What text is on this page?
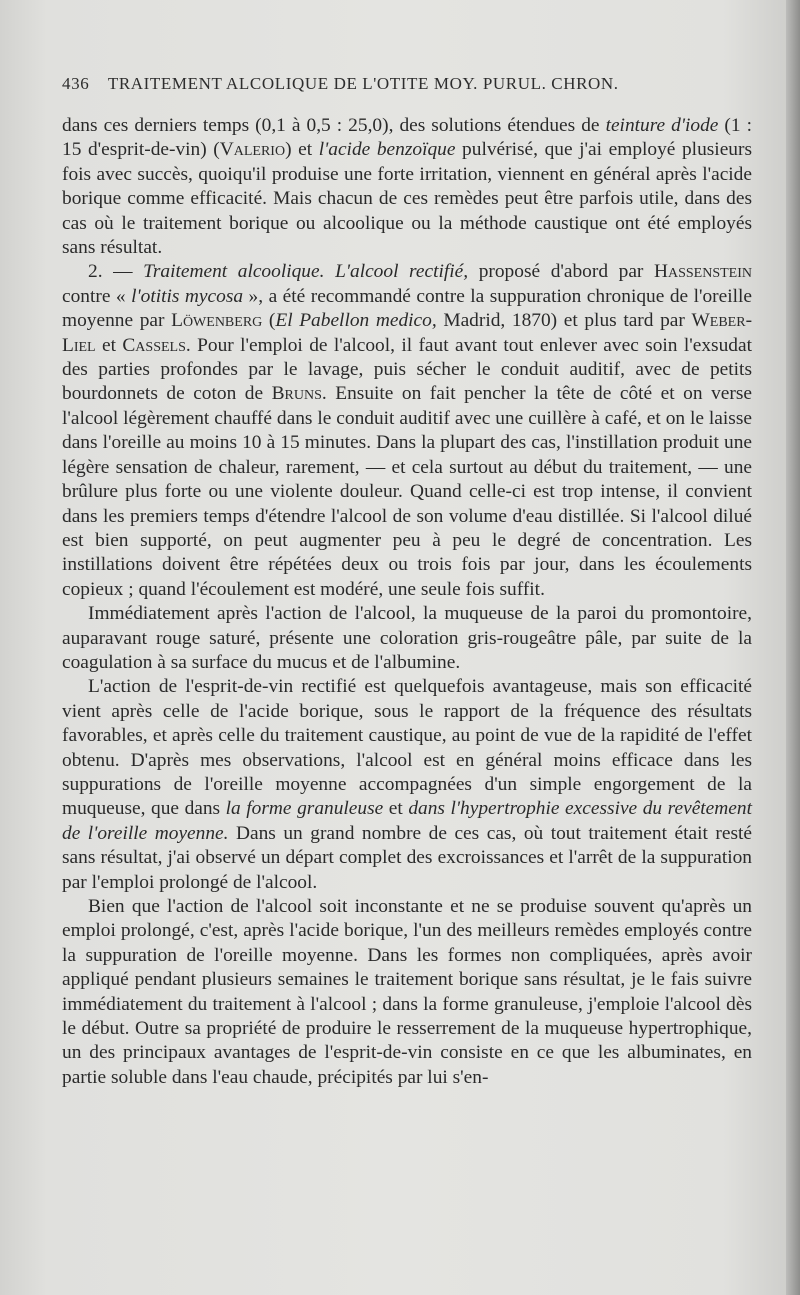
436 TRAITEMENT ALCOLIQUE DE L'OTITE MOY. PURUL. CHRON.

dans ces derniers temps (0,1 à 0,5 : 25,0), des solutions étendues de teinture d'iode (1 : 15 d'esprit-de-vin) (Valerio) et l'acide benzoïque pulvérisé, que j'ai employé plusieurs fois avec succès, quoiqu'il produise une forte irritation, viennent en général après l'acide borique comme efficacité. Mais chacun de ces remèdes peut être parfois utile, dans des cas où le traitement borique ou alcoolique ou la méthode caustique ont été employés sans résultat.

2. — Traitement alcoolique. L'alcool rectifié, proposé d'abord par Hassenstein contre « l'otitis mycosa », a été recommandé contre la suppuration chronique de l'oreille moyenne par Löwenberg (El Pabellon medico, Madrid, 1870) et plus tard par Weber-Liel et Cassels. Pour l'emploi de l'alcool, il faut avant tout enlever avec soin l'exsudat des parties profondes par le lavage, puis sécher le conduit auditif, avec de petits bourdonnets de coton de Bruns. Ensuite on fait pencher la tête de côté et on verse l'alcool légèrement chauffé dans le conduit auditif avec une cuillère à café, et on le laisse dans l'oreille au moins 10 à 15 minutes. Dans la plupart des cas, l'instillation produit une légère sensation de chaleur, rarement, — et cela surtout au début du traitement, — une brûlure plus forte ou une violente douleur. Quand celle-ci est trop intense, il convient dans les premiers temps d'étendre l'alcool de son volume d'eau distillée. Si l'alcool dilué est bien supporté, on peut augmenter peu à peu le degré de concentration. Les instillations doivent être répétées deux ou trois fois par jour, dans les écoulements copieux ; quand l'écoulement est modéré, une seule fois suffit.

Immédiatement après l'action de l'alcool, la muqueuse de la paroi du promontoire, auparavant rouge saturé, présente une coloration gris-rougeâtre pâle, par suite de la coagulation à sa surface du mucus et de l'albumine.

L'action de l'esprit-de-vin rectifié est quelquefois avantageuse, mais son efficacité vient après celle de l'acide borique, sous le rapport de la fréquence des résultats favorables, et après celle du traitement caustique, au point de vue de la rapidité de l'effet obtenu. D'après mes observations, l'alcool est en général moins efficace dans les suppurations de l'oreille moyenne accompagnées d'un simple engorgement de la muqueuse, que dans la forme granuleuse et dans l'hypertrophie excessive du revêtement de l'oreille moyenne. Dans un grand nombre de ces cas, où tout traitement était resté sans résultat, j'ai observé un départ complet des excroissances et l'arrêt de la suppuration par l'emploi prolongé de l'alcool.

Bien que l'action de l'alcool soit inconstante et ne se produise souvent qu'après un emploi prolongé, c'est, après l'acide borique, l'un des meilleurs remèdes employés contre la suppuration de l'oreille moyenne. Dans les formes non compliquées, après avoir appliqué pendant plusieurs semaines le traitement borique sans résultat, je le fais suivre immédiatement du traitement à l'alcool ; dans la forme granuleuse, j'emploie l'alcool dès le début. Outre sa propriété de produire le resserrement de la muqueuse hypertrophique, un des principaux avantages de l'esprit-de-vin consiste en ce que les albuminates, en partie soluble dans l'eau chaude, précipités par lui s'en-
